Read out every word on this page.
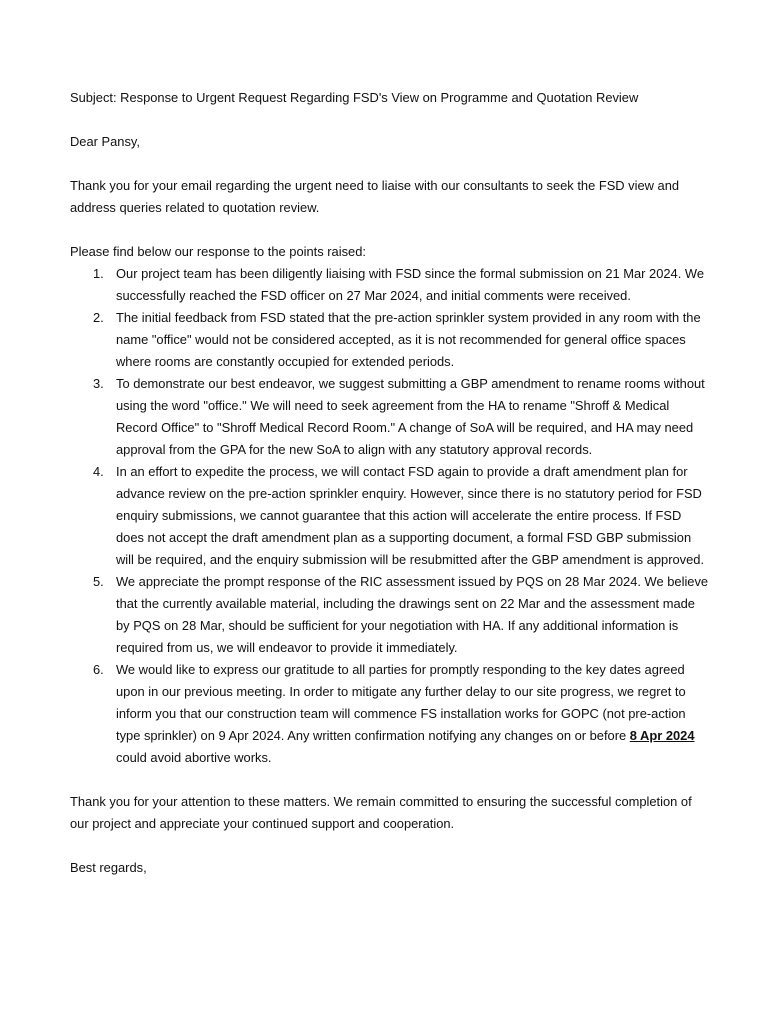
Subject: Response to Urgent Request Regarding FSD's View on Programme and Quotation Review

Dear Pansy,

Thank you for your email regarding the urgent need to liaise with our consultants to seek the FSD view and address queries related to quotation review.

Please find below our response to the points raised:

1. Our project team has been diligently liaising with FSD since the formal submission on 21 Mar 2024. We successfully reached the FSD officer on 27 Mar 2024, and initial comments were received.
2. The initial feedback from FSD stated that the pre-action sprinkler system provided in any room with the name "office" would not be considered accepted, as it is not recommended for general office spaces where rooms are constantly occupied for extended periods.
3. To demonstrate our best endeavor, we suggest submitting a GBP amendment to rename rooms without using the word "office." We will need to seek agreement from the HA to rename "Shroff & Medical Record Office" to "Shroff Medical Record Room." A change of SoA will be required, and HA may need approval from the GPA for the new SoA to align with any statutory approval records.
4. In an effort to expedite the process, we will contact FSD again to provide a draft amendment plan for advance review on the pre-action sprinkler enquiry. However, since there is no statutory period for FSD enquiry submissions, we cannot guarantee that this action will accelerate the entire process. If FSD does not accept the draft amendment plan as a supporting document, a formal FSD GBP submission will be required, and the enquiry submission will be resubmitted after the GBP amendment is approved.
5. We appreciate the prompt response of the RIC assessment issued by PQS on 28 Mar 2024. We believe that the currently available material, including the drawings sent on 22 Mar and the assessment made by PQS on 28 Mar, should be sufficient for your negotiation with HA. If any additional information is required from us, we will endeavor to provide it immediately.
6. We would like to express our gratitude to all parties for promptly responding to the key dates agreed upon in our previous meeting. In order to mitigate any further delay to our site progress, we regret to inform you that our construction team will commence FS installation works for GOPC (not pre-action type sprinkler) on 9 Apr 2024. Any written confirmation notifying any changes on or before 8 Apr 2024 could avoid abortive works.

Thank you for your attention to these matters. We remain committed to ensuring the successful completion of our project and appreciate your continued support and cooperation.

Best regards,
